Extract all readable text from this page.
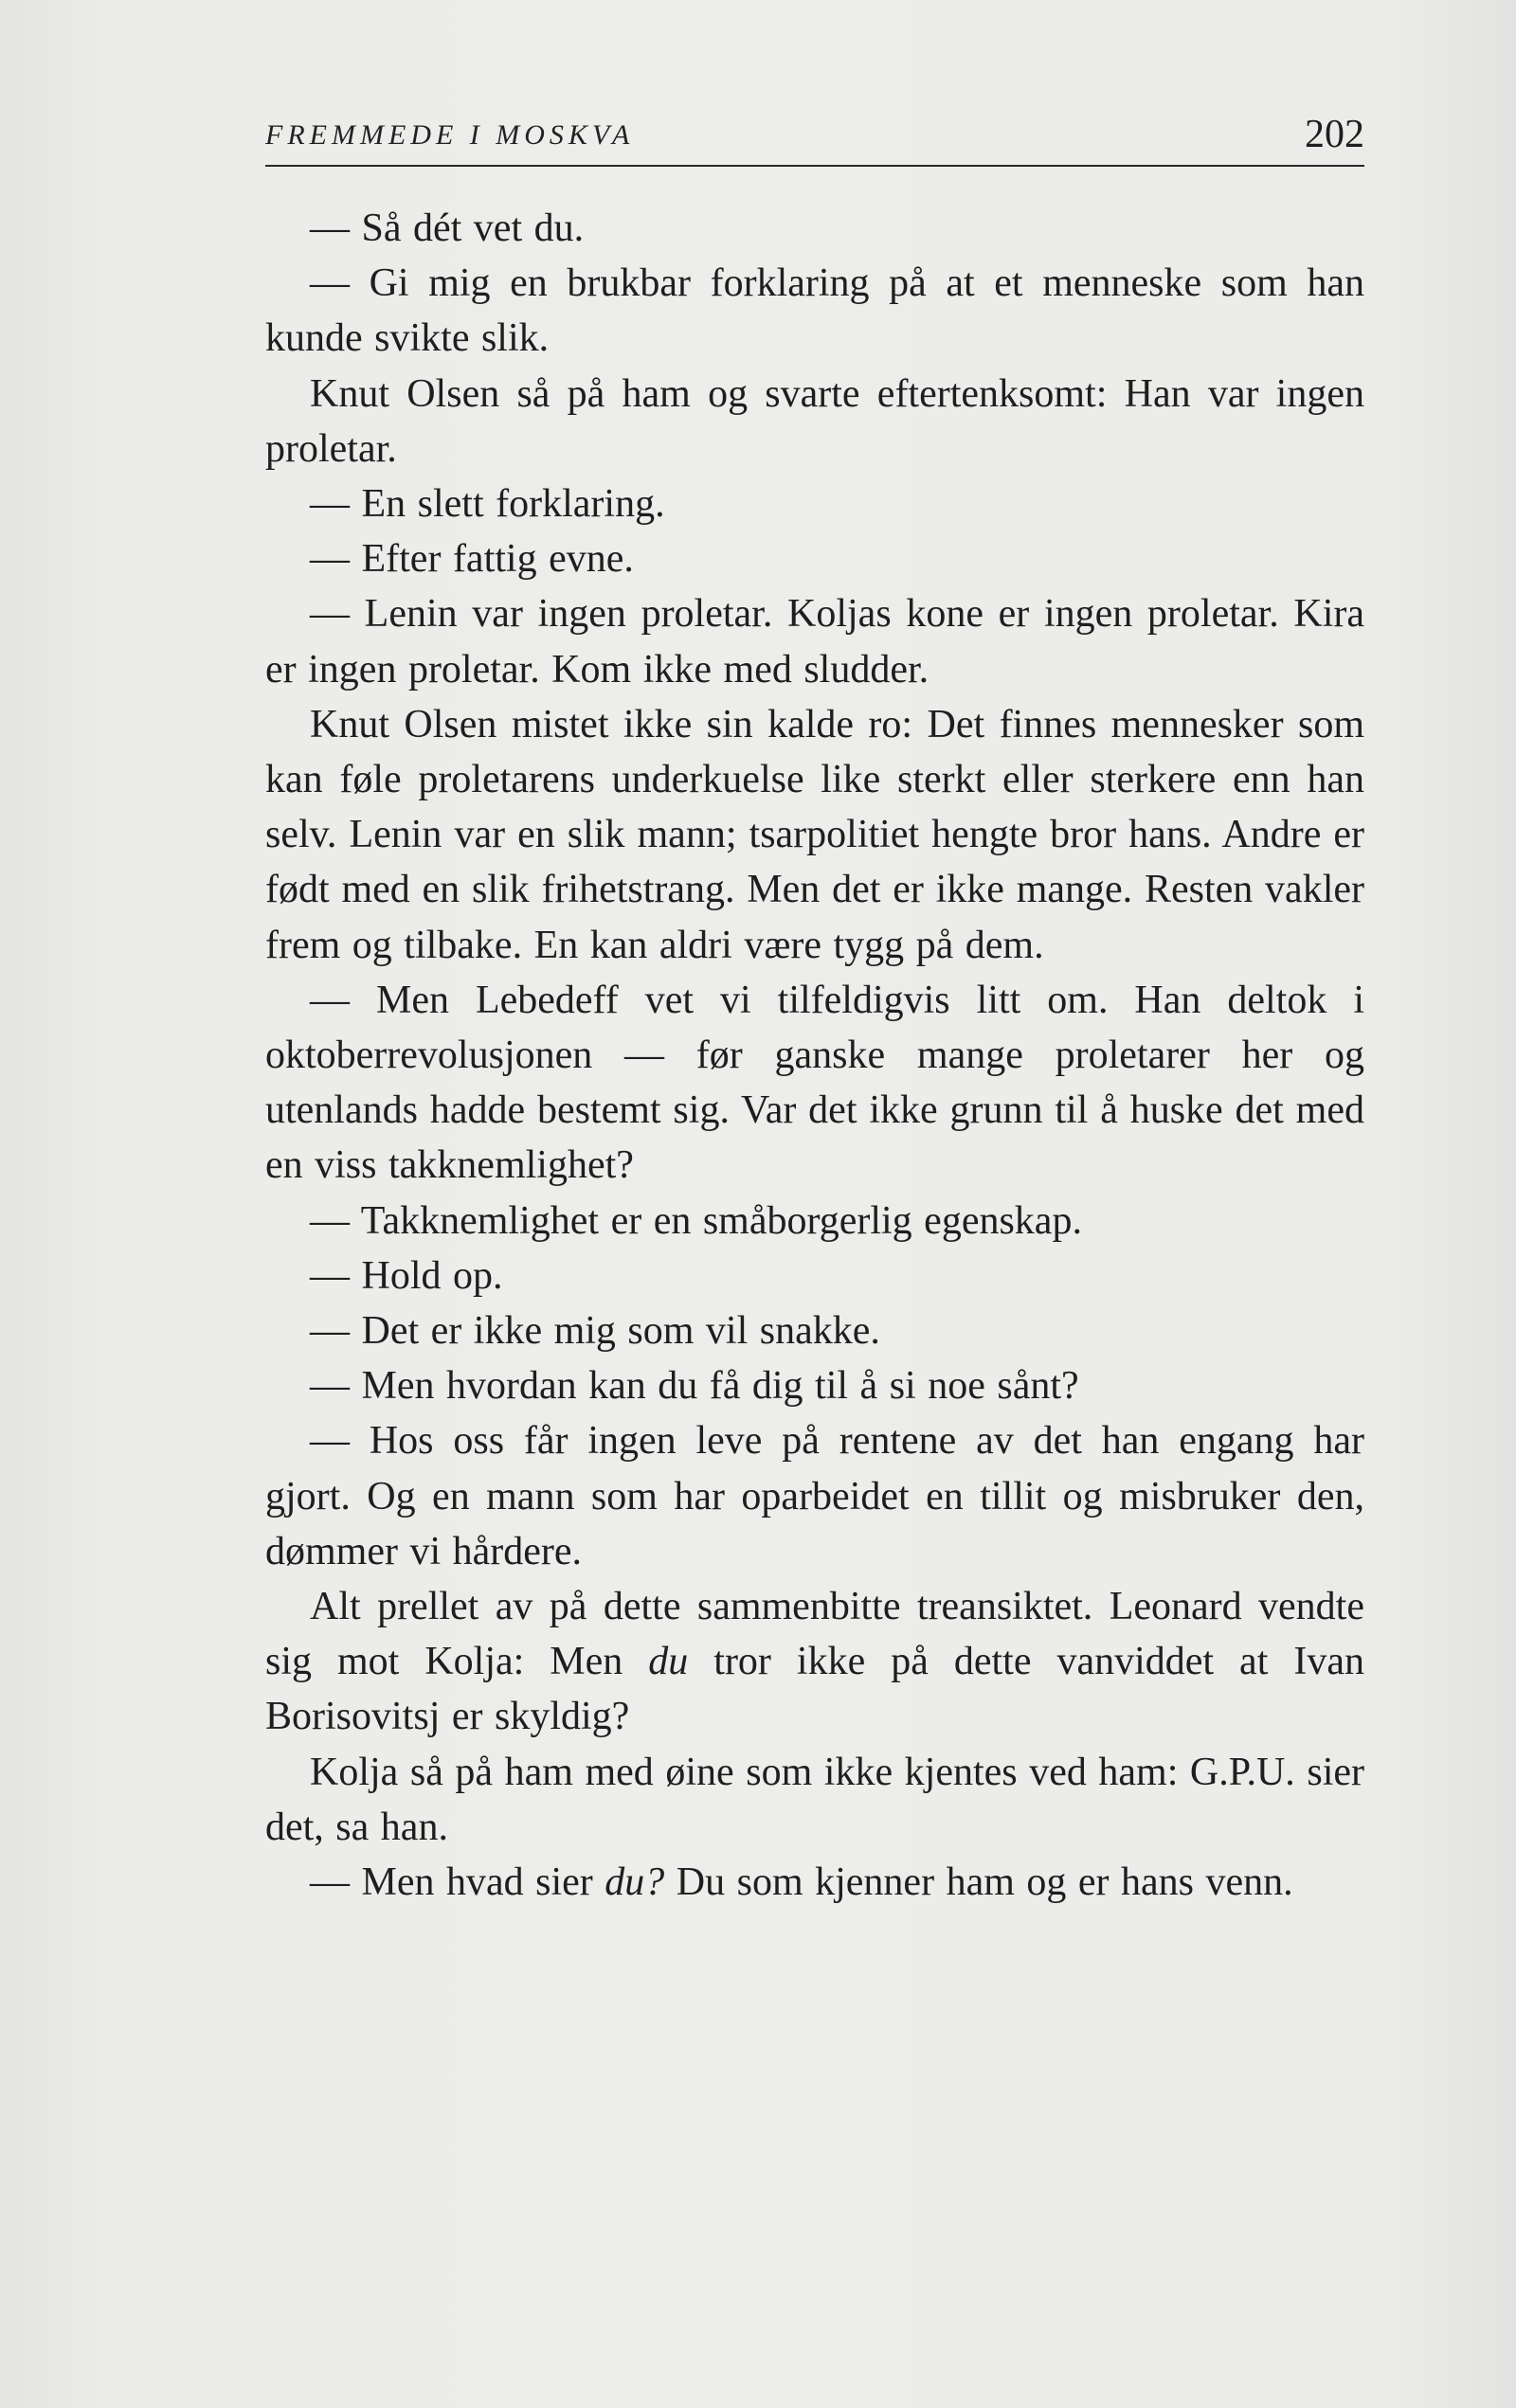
FREMMEDE I MOSKVA	202

— Så dét vet du.

— Gi mig en brukbar forklaring på at et menneske som han kunde svikte slik.

Knut Olsen så på ham og svarte eftertenksomt: Han var ingen proletar.

— En slett forklaring.

— Efter fattig evne.

— Lenin var ingen proletar. Koljas kone er ingen proletar. Kira er ingen proletar. Kom ikke med sludder.

Knut Olsen mistet ikke sin kalde ro: Det finnes mennesker som kan føle proletarens underkuelse like sterkt eller sterkere enn han selv. Lenin var en slik mann; tsarpolitiet hengte bror hans. Andre er født med en slik frihetstrang. Men det er ikke mange. Resten vakler frem og tilbake. En kan aldri være tygg på dem.

— Men Lebedeff vet vi tilfeldigvis litt om. Han deltok i oktoberrevolusjonen — før ganske mange proletarer her og utenlands hadde bestemt sig. Var det ikke grunn til å huske det med en viss takknemlighet?

— Takknemlighet er en småborgerlig egenskap.

— Hold op.

— Det er ikke mig som vil snakke.

— Men hvordan kan du få dig til å si noe sånt?

— Hos oss får ingen leve på rentene av det han engang har gjort. Og en mann som har oparbeidet en tillit og misbruker den, dømmer vi hårdere.

Alt prellet av på dette sammenbitte treansiktet. Leonard vendte sig mot Kolja: Men du tror ikke på dette vanviddet at Ivan Borisovitsj er skyldig?

Kolja så på ham med øine som ikke kjentes ved ham: G.P.U. sier det, sa han.

— Men hvad sier du? Du som kjenner ham og er hans venn.
